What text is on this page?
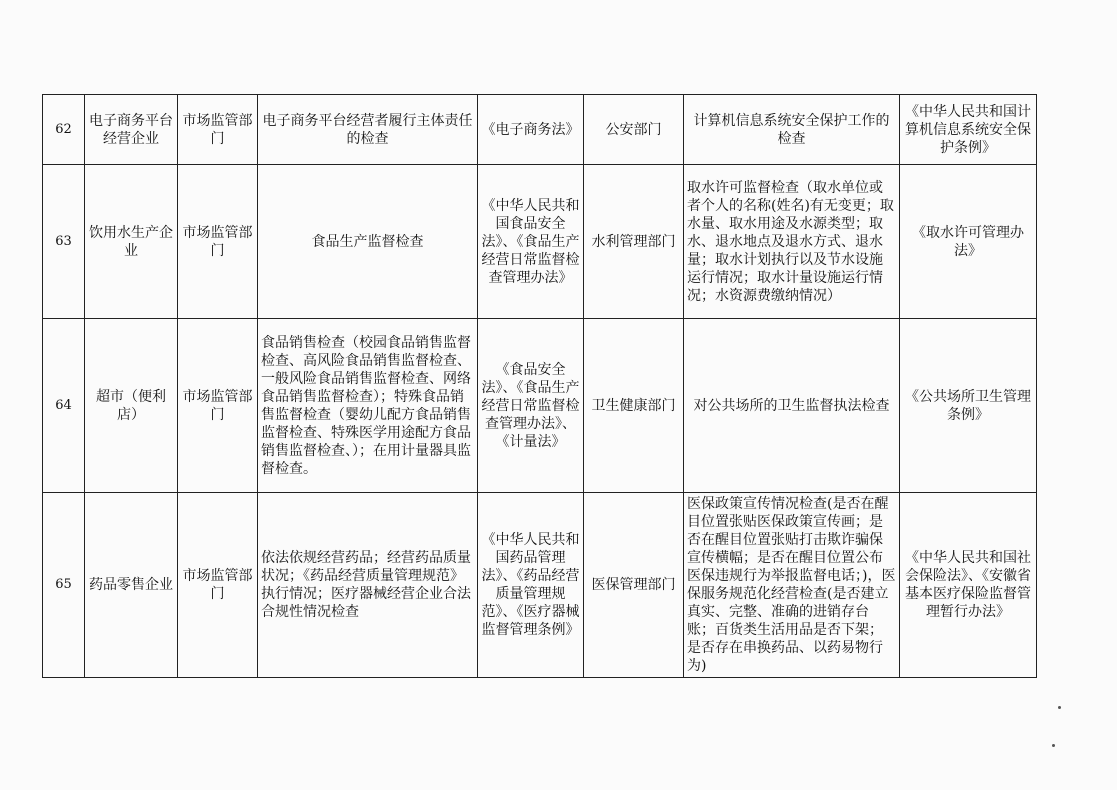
62	电子商务平台经营企业	市场监管部门	电子商务平台经营者履行主体责任的检查	《电子商务法》	公安部门	计算机信息系统安全保护工作的检查	《中华人民共和国计算机信息系统安全保护条例》
63	饮用水生产企业	市场监管部门	食品生产监督检查	《中华人民共和国食品安全法》、《食品生产经营日常监督检查管理办法》	水利管理部门	取水许可监督检查（取水单位或者个人的名称(姓名)有无变更；取水量、取水用途及水源类型；取水、退水地点及退水方式、退水量；取水计划执行以及节水设施运行情况；取水计量设施运行情况；水资源费缴纳情况）	《取水许可管理办法》
64	超市（便利店）	市场监管部门	食品销售检查（校园食品销售监督检查、高风险食品销售监督检查、一般风险食品销售监督检查、网络食品销售监督检查）；特殊食品销售监督检查（婴幼儿配方食品销售监督检查、特殊医学用途配方食品销售监督检查、）；在用计量器具监督检查。	《食品安全法》、《食品生产经营日常监督检查管理办法》、《计量法》	卫生健康部门	对公共场所的卫生监督执法检查	《公共场所卫生管理条例》
65	药品零售企业	市场监管部门	依法依规经营药品；经营药品质量状况；《药品经营质量管理规范》执行情况；医疗器械经营企业合法合规性情况检查	《中华人民共和国药品管理法》、《药品经营质量管理规范》、《医疗器械监督管理条例》	医保管理部门	医保政策宣传情况检查(是否在醒目位置张贴医保政策宣传画；是否在醒目位置张贴打击欺诈骗保宣传横幅；是否在醒目位置公布医保违规行为举报监督电话；)，医保服务规范化经营检查(是否建立真实、完整、准确的进销存台账；百货类生活用品是否下架；是否存在串换药品、以药易物行为)	《中华人民共和国社会保险法》、《安徽省基本医疗保险监督管理暂行办法》
